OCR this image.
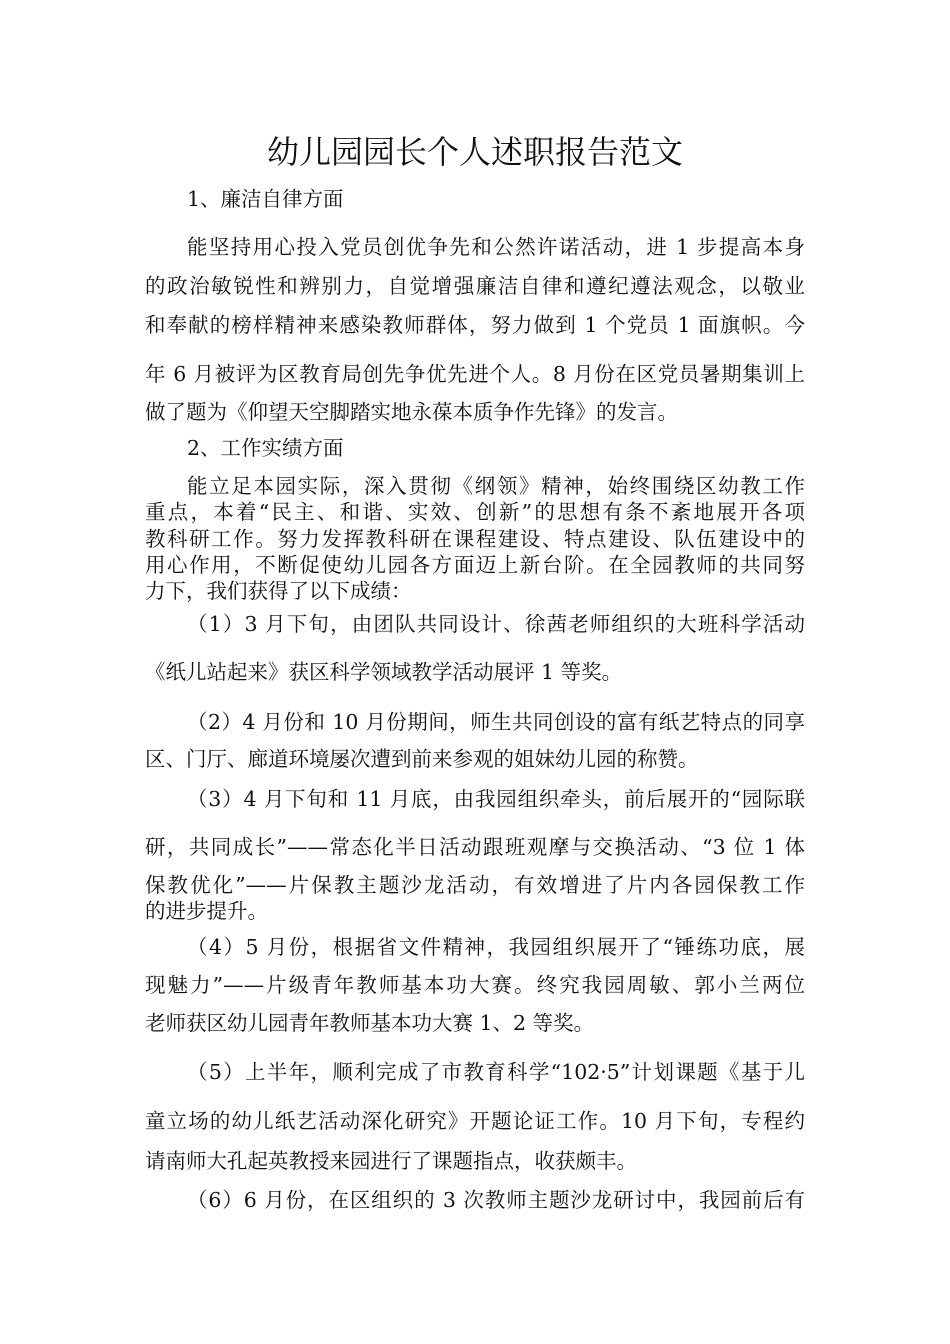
幼儿园园长个人述职报告范文
1、廉洁自律方面
能坚持用心投入党员创优争先和公然许诺活动，进 1 步提高本身
的政治敏锐性和辨别力，自觉增强廉洁自律和遵纪遵法观念，以敬业
和奉献的榜样精神来感染教师群体，努力做到 1 个党员 1 面旗帜。今
年 6 月被评为区教育局创先争优先进个人。8 月份在区党员暑期集训上
做了题为《仰望天空脚踏实地永葆本质争作先锋》的发言。
2、工作实绩方面
能立足本园实际，深入贯彻《纲领》精神，始终围绕区幼教工作
重点，本着“民主、和谐、实效、创新”的思想有条不紊地展开各项
教科研工作。努力发挥教科研在课程建设、特点建设、队伍建设中的
用心作用，不断促使幼儿园各方面迈上新台阶。在全园教师的共同努
力下，我们获得了以下成绩：
（1）3 月下旬，由团队共同设计、徐茜老师组织的大班科学活动
《纸儿站起来》获区科学领域教学活动展评 1 等奖。
（2）4 月份和 10 月份期间，师生共同创设的富有纸艺特点的同享
区、门厅、廊道环境屡次遭到前来参观的姐妹幼儿园的称赞。
（3）4 月下旬和 11 月底，由我园组织牵头，前后展开的“园际联
研，共同成长”——常态化半日活动跟班观摩与交换活动、“3 位 1 体
保教优化”——片保教主题沙龙活动，有效增进了片内各园保教工作
的进步提升。
（4）5 月份，根据省文件精神，我园组织展开了“锤练功底，展
现魅力”——片级青年教师基本功大赛。终究我园周敏、郭小兰两位
老师获区幼儿园青年教师基本功大赛 1、2 等奖。
（5）上半年，顺利完成了市教育科学“102·5”计划课题《基于儿
童立场的幼儿纸艺活动深化研究》开题论证工作。10 月下旬，专程约
请南师大孔起英教授来园进行了课题指点，收获颇丰。
（6）6 月份，在区组织的 3 次教师主题沙龙研讨中，我园前后有
